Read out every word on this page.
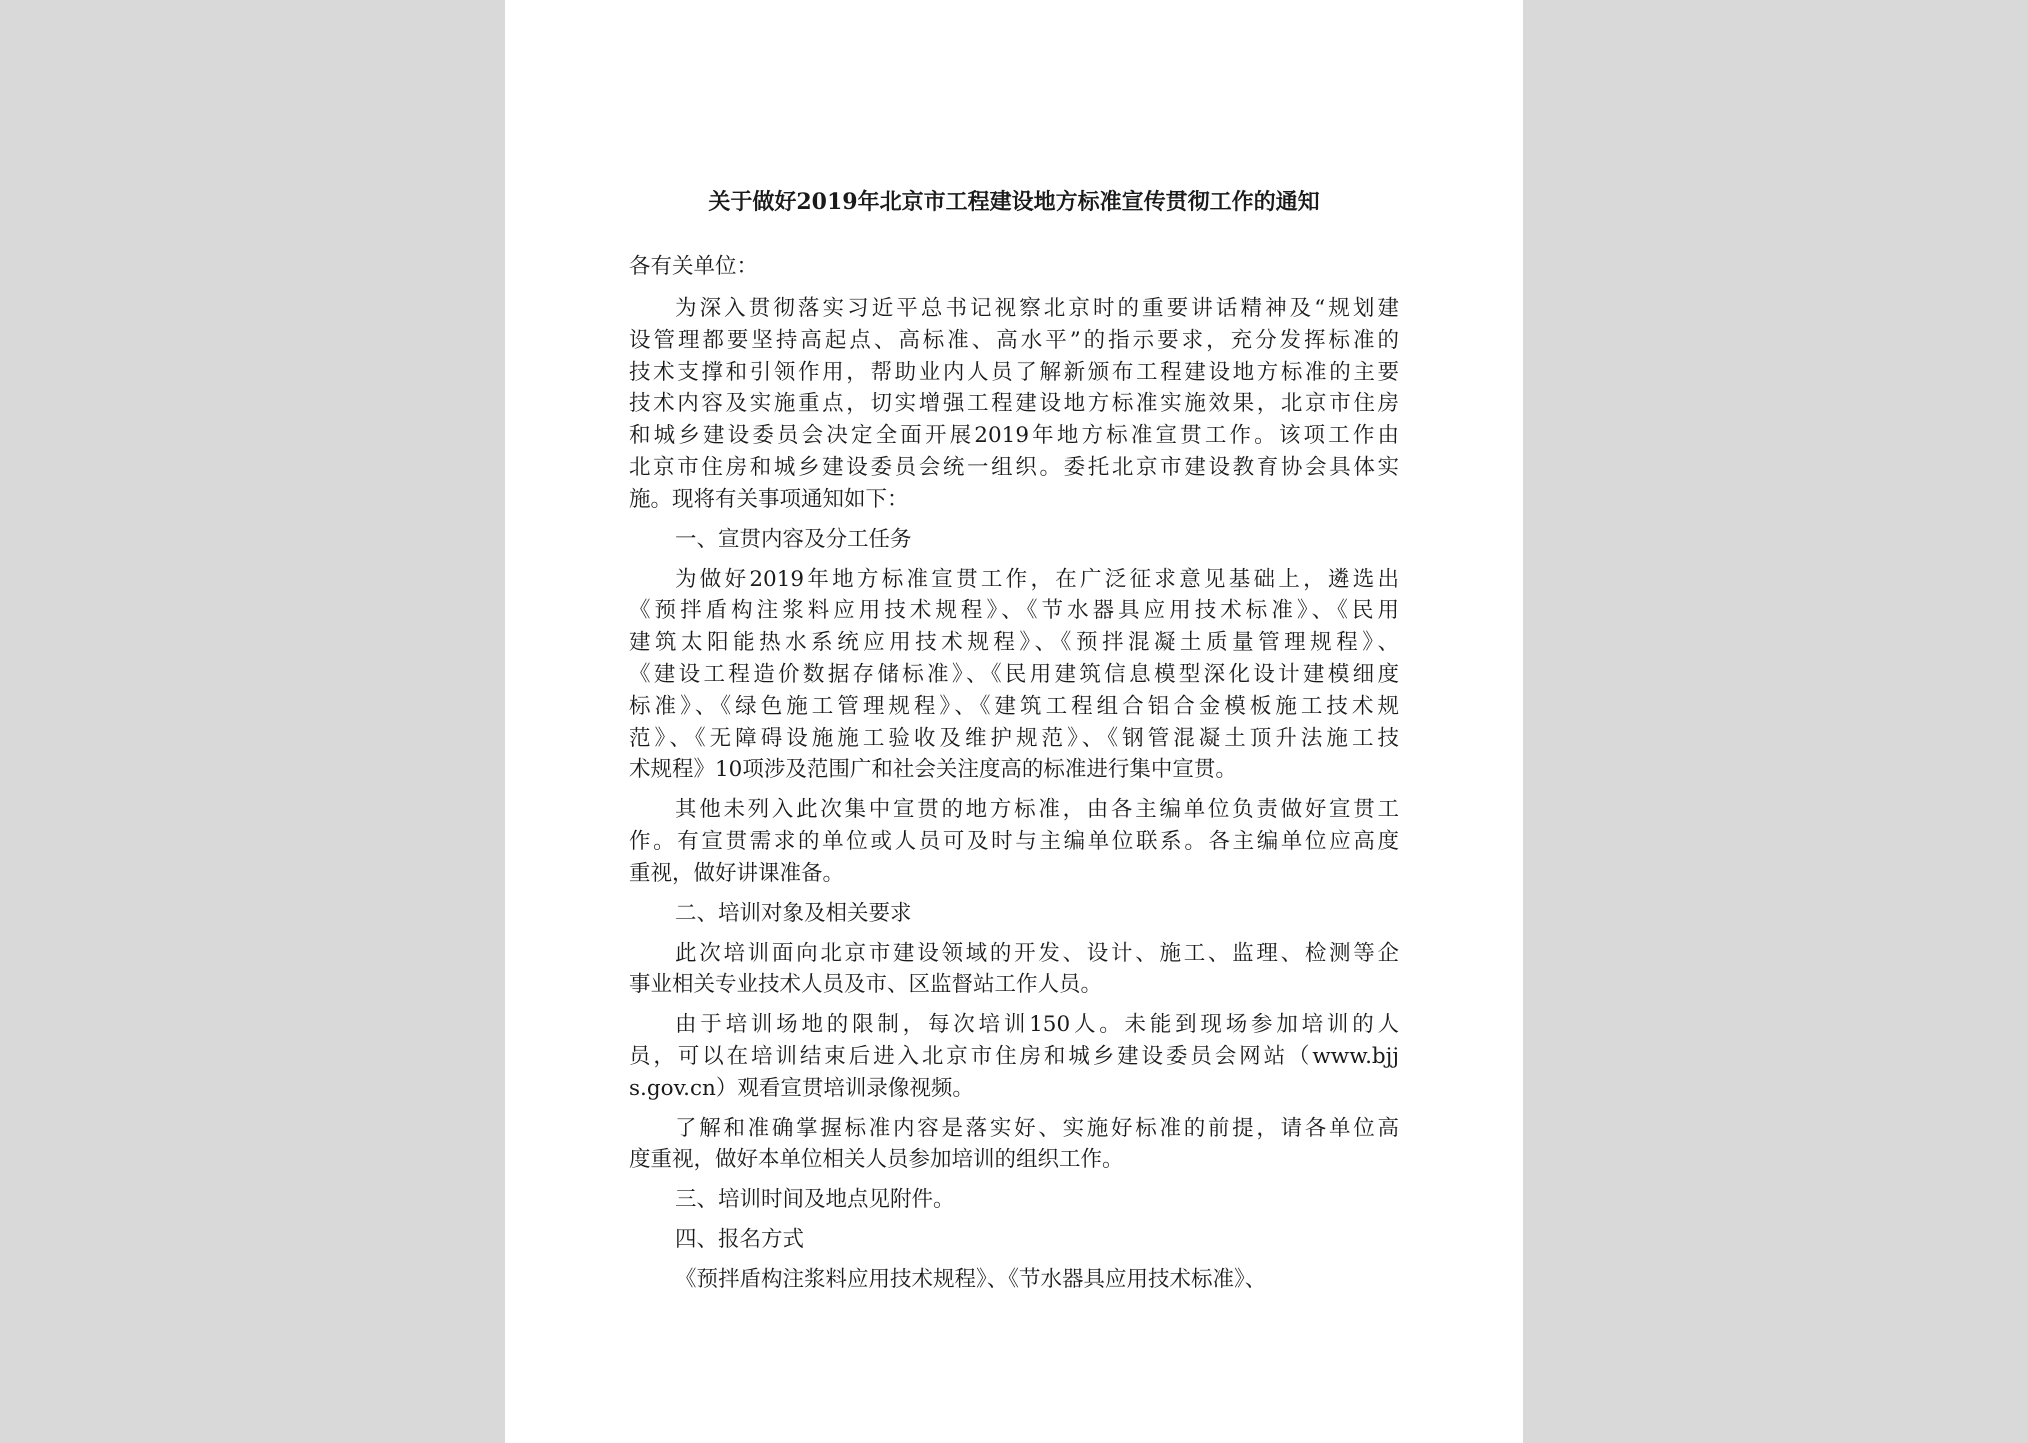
关于做好2019年北京市工程建设地方标准宣传贯彻工作的通知
各有关单位：
为深入贯彻落实习近平总书记视察北京时的重要讲话精神及“规划建
设管理都要坚持高起点、高标准、高水平”的指示要求，充分发挥标准的
技术支撑和引领作用，帮助业内人员了解新颁布工程建设地方标准的主要
技术内容及实施重点，切实增强工程建设地方标准实施效果，北京市住房
和城乡建设委员会决定全面开展2019年地方标准宣贯工作。该项工作由
北京市住房和城乡建设委员会统一组织。委托北京市建设教育协会具体实
施。现将有关事项通知如下：
一、宣贯内容及分工任务
为做好2019年地方标准宣贯工作，在广泛征求意见基础上，遴选出
《预拌盾构注浆料应用技术规程》、《节水器具应用技术标准》、《民用
建筑太阳能热水系统应用技术规程》、《预拌混凝土质量管理规程》、
《建设工程造价数据存储标准》、《民用建筑信息模型深化设计建模细度
标准》、《绿色施工管理规程》、《建筑工程组合铝合金模板施工技术规
范》、《无障碍设施施工验收及维护规范》、《钢管混凝土顶升法施工技
术规程》10项涉及范围广和社会关注度高的标准进行集中宣贯。
其他未列入此次集中宣贯的地方标准，由各主编单位负责做好宣贯工
作。有宣贯需求的单位或人员可及时与主编单位联系。各主编单位应高度
重视，做好讲课准备。
二、培训对象及相关要求
此次培训面向北京市建设领域的开发、设计、施工、监理、检测等企
事业相关专业技术人员及市、区监督站工作人员。
由于培训场地的限制，每次培训150人。未能到现场参加培训的人
员，可以在培训结束后进入北京市住房和城乡建设委员会网站（www.bjj
s.gov.cn）观看宣贯培训录像视频。
了解和准确掌握标准内容是落实好、实施好标准的前提，请各单位高
度重视，做好本单位相关人员参加培训的组织工作。
三、培训时间及地点见附件。
四、报名方式
《预拌盾构注浆料应用技术规程》、《节水器具应用技术标准》、
